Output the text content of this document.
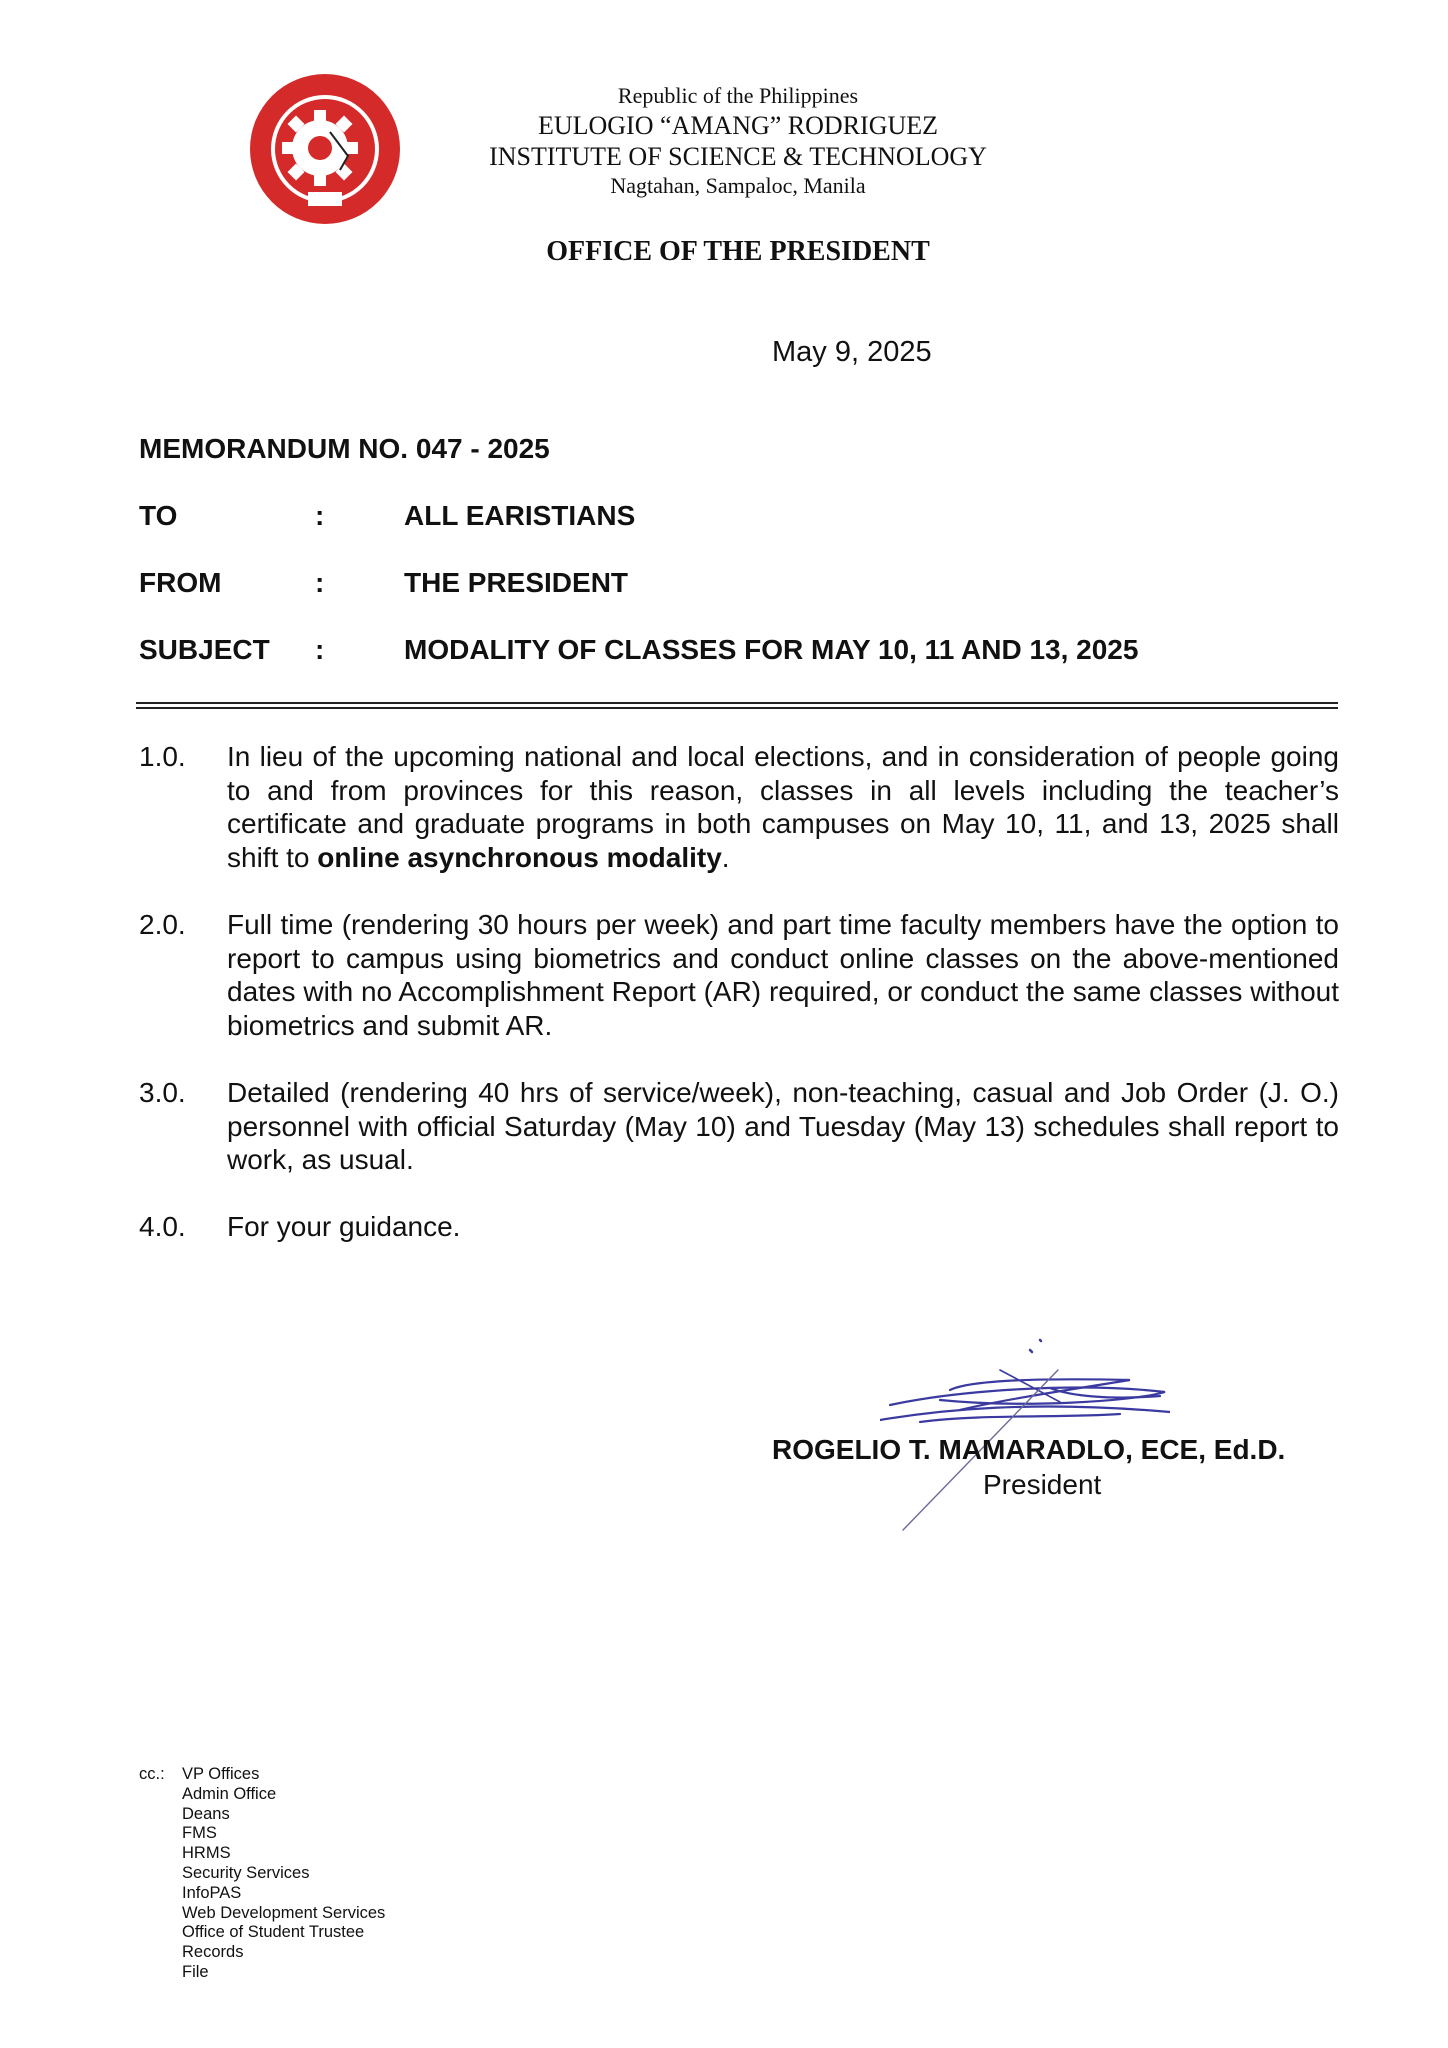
Republic of the Philippines
EULOGIO “AMANG” RODRIGUEZ
INSTITUTE OF SCIENCE & TECHNOLOGY
Nagtahan, Sampaloc, Manila
OFFICE OF THE PRESIDENT
May 9, 2025
MEMORANDUM NO. 047 - 2025
TO	:	ALL EARISTIANS
FROM	:	THE PRESIDENT
SUBJECT :	MODALITY OF CLASSES FOR MAY 10, 11 AND 13, 2025
1.0. In lieu of the upcoming national and local elections, and in consideration of people going to and from provinces for this reason, classes in all levels including the teacher’s certificate and graduate programs in both campuses on May 10, 11, and 13, 2025 shall shift to online asynchronous modality.
2.0. Full time (rendering 30 hours per week) and part time faculty members have the option to report to campus using biometrics and conduct online classes on the above-mentioned dates with no Accomplishment Report (AR) required, or conduct the same classes without biometrics and submit AR.
3.0. Detailed (rendering 40 hrs of service/week), non-teaching, casual and Job Order (J. O.) personnel with official Saturday (May 10) and Tuesday (May 13) schedules shall report to work, as usual.
4.0. For your guidance.
ROGELIO T. MAMARADLO, ECE, Ed.D.
President
cc.: VP Offices
Admin Office
Deans
FMS
HRMS
Security Services
InfoPAS
Web Development Services
Office of Student Trustee
Records
File
